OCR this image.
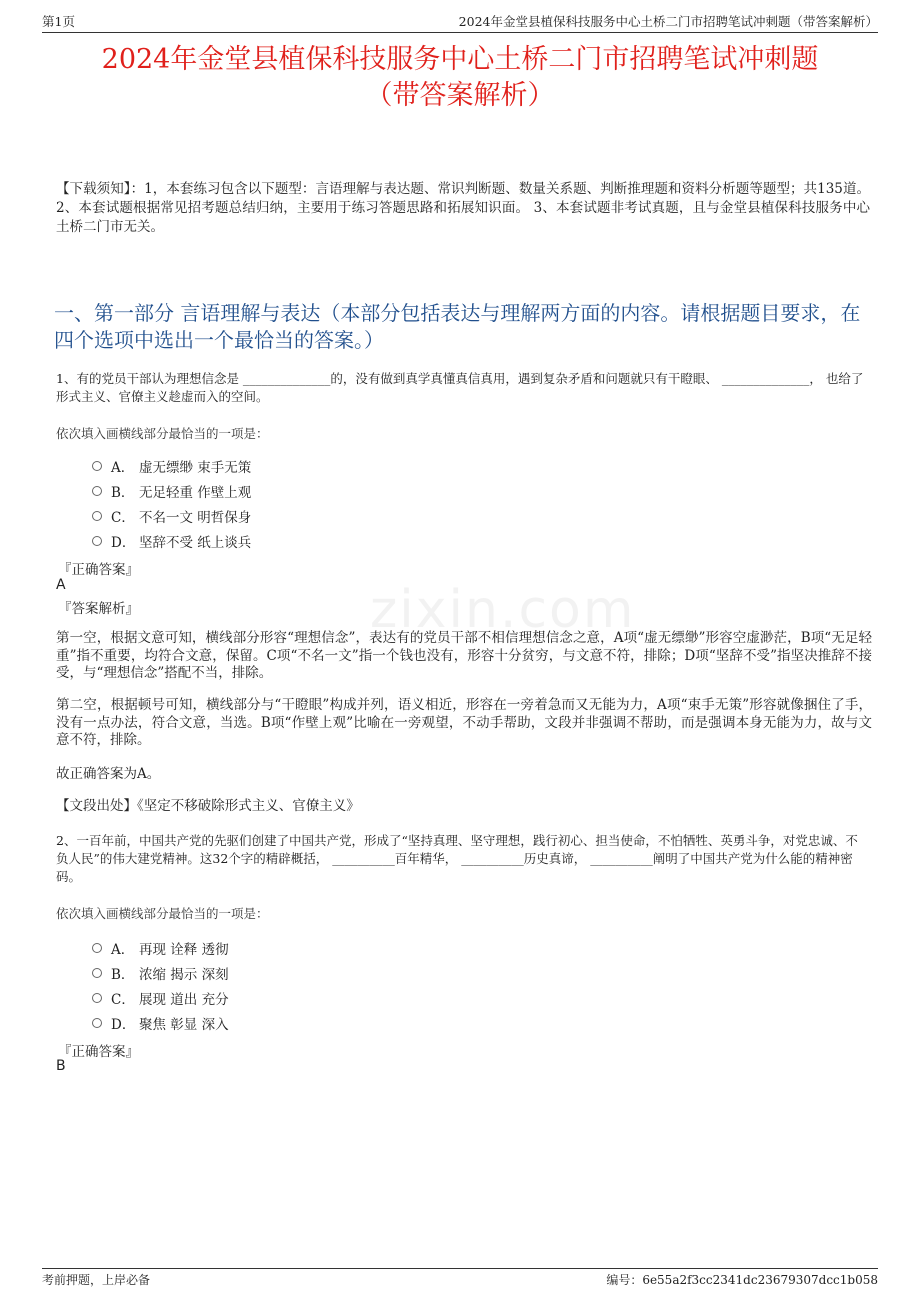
第1页	2024年金堂县植保科技服务中心土桥二门市招聘笔试冲刺题（带答案解析）
2024年金堂县植保科技服务中心土桥二门市招聘笔试冲刺题
（带答案解析）
【下载须知】：1，本套练习包含以下题型：言语理解与表达题、常识判断题、数量关系题、判断推理题和资料分析题等题型；共135道。 2、本套试题根据常见招考题总结归纳，主要用于练习答题思路和拓展知识面。 3、本套试题非考试真题，且与金堂县植保科技服务中心土桥二门市无关。
一、第一部分 言语理解与表达（本部分包括表达与理解两方面的内容。请根据题目要求，在四个选项中选出一个最恰当的答案。）
zixin.com
1、有的党员干部认为理想信念是 ______________的，没有做到真学真懂真信真用，遇到复杂矛盾和问题就只有干瞪眼、 ______________， 也给了形式主义、官僚主义趁虚而入的空间。
依次填入画横线部分最恰当的一项是：
A． 虚无缥缈 束手无策
B． 无足轻重 作壁上观
C． 不名一文 明哲保身
D． 坚辞不受 纸上谈兵
『正确答案』
A
『答案解析』
第一空，根据文意可知，横线部分形容“理想信念”，表达有的党员干部不相信理想信念之意，A项“虚无缥缈”形容空虚渺茫，B项“无足轻重”指不重要，均符合文意，保留。C项“不名一文”指一个钱也没有，形容十分贫穷，与文意不符，排除；D项“坚辞不受”指坚决推辞不接受，与“理想信念”搭配不当，排除。
第二空，根据顿号可知，横线部分与“干瞪眼”构成并列，语义相近，形容在一旁着急而又无能为力，A项“束手无策”形容就像捆住了手，没有一点办法，符合文意，当选。B项“作壁上观”比喻在一旁观望，不动手帮助，文段并非强调不帮助，而是强调本身无能为力，故与文意不符，排除。
故正确答案为A。
【文段出处】《坚定不移破除形式主义、官僚主义》
2、一百年前，中国共产党的先驱们创建了中国共产党，形成了“坚持真理、坚守理想，践行初心、担当使命，不怕牺牲、英勇斗争，对党忠诚、不负人民”的伟大建党精神。这32个字的精辟概括， __________百年精华， __________历史真谛， __________阐明了中国共产党为什么能的精神密码。
依次填入画横线部分最恰当的一项是：
A． 再现 诠释 透彻
B． 浓缩 揭示 深刻
C． 展现 道出 充分
D． 聚焦 彰显 深入
『正确答案』
B
考前押题，上岸必备	编号：6e55a2f3cc2341dc23679307dcc1b058
